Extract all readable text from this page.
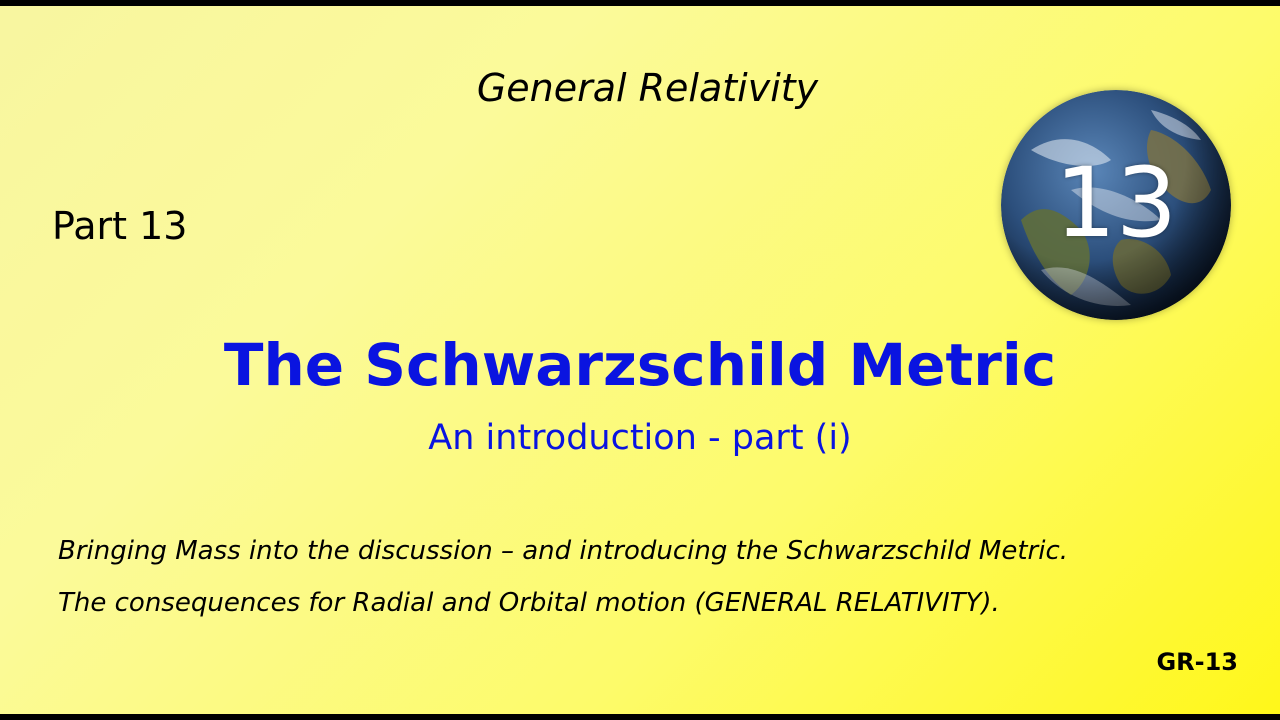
General Relativity
Part 13	13
The Schwarzschild Metric
An introduction - part (i)
Bringing Mass into the discussion – and introducing the Schwarzschild Metric.
The consequences for Radial and Orbital motion (GENERAL RELATIVITY).
GR-13
